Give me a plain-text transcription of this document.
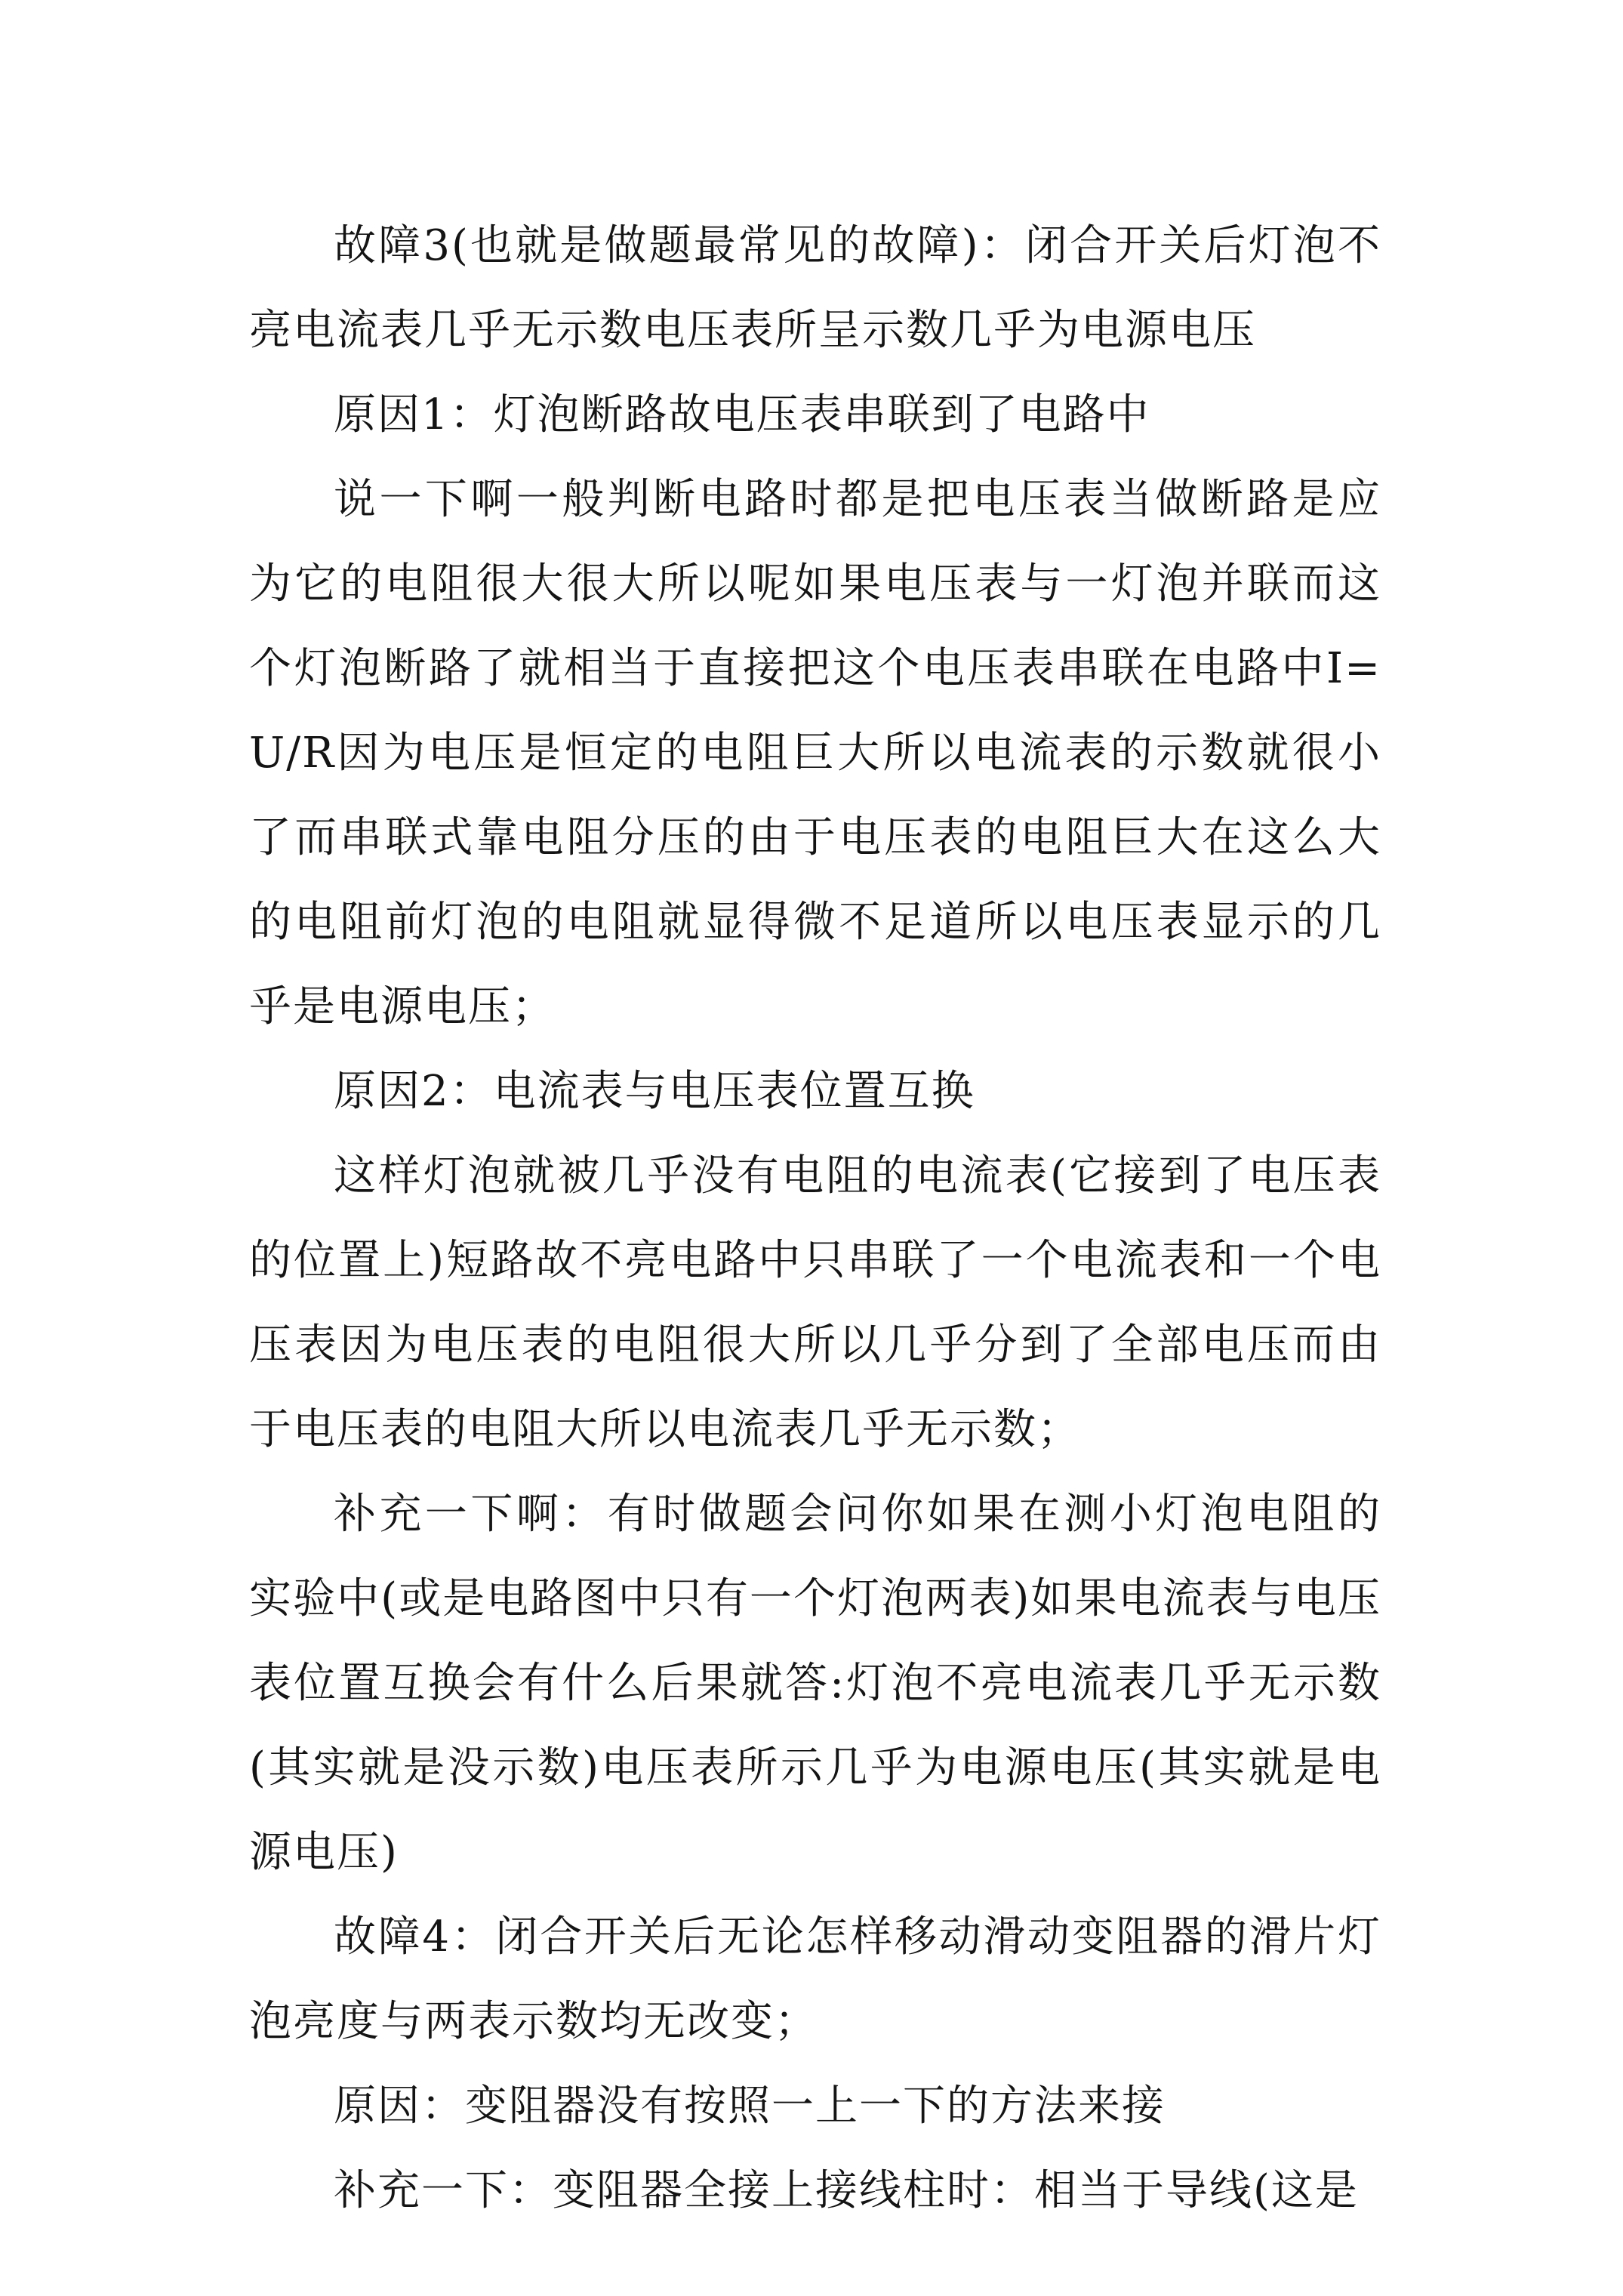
故障3(也就是做题最常见的故障)：闭合开关后灯泡不亮电流表几乎无示数电压表所呈示数几乎为电源电压

原因1：灯泡断路故电压表串联到了电路中

说一下啊一般判断电路时都是把电压表当做断路是应为它的电阻很大很大所以呢如果电压表与一灯泡并联而这个灯泡断路了就相当于直接把这个电压表串联在电路中I=U/R因为电压是恒定的电阻巨大所以电流表的示数就很小了而串联式靠电阻分压的由于电压表的电阻巨大在这么大的电阻前灯泡的电阻就显得微不足道所以电压表显示的几乎是电源电压；

原因2：电流表与电压表位置互换

这样灯泡就被几乎没有电阻的电流表(它接到了电压表的位置上)短路故不亮电路中只串联了一个电流表和一个电压表因为电压表的电阻很大所以几乎分到了全部电压而由于电压表的电阻大所以电流表几乎无示数；

补充一下啊：有时做题会问你如果在测小灯泡电阻的实验中(或是电路图中只有一个灯泡两表)如果电流表与电压表位置互换会有什么后果就答:灯泡不亮电流表几乎无示数(其实就是没示数)电压表所示几乎为电源电压(其实就是电源电压)

故障4：闭合开关后无论怎样移动滑动变阻器的滑片灯泡亮度与两表示数均无改变；

原因：变阻器没有按照一上一下的方法来接

补充一下：变阻器全接上接线柱时：相当于导线(这是
